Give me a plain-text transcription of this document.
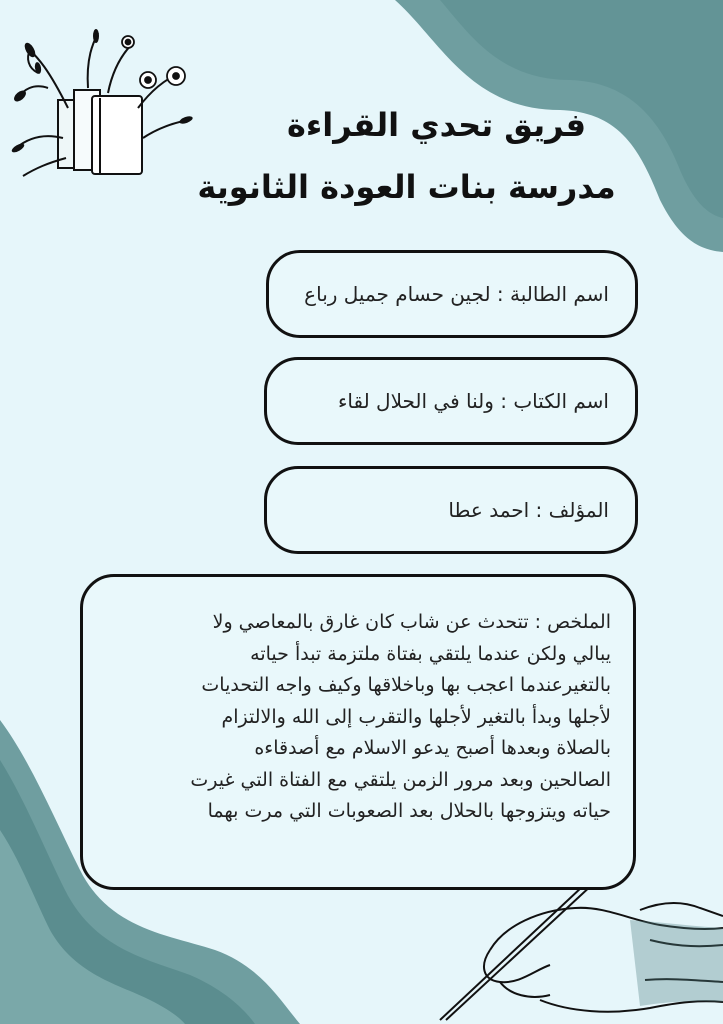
فريق تحدي القراءة
مدرسة بنات العودة الثانوية
اسم الطالبة : لجين حسام جميل رباع
اسم الكتاب : ولنا في الحلال لقاء
المؤلف : احمد عطا
الملخص : تتحدث عن شاب كان غارق بالمعاصي ولا
يبالي ولكن عندما يلتقي بفتاة ملتزمة تبدأ حياته
بالتغيرعندما اعجب بها وباخلاقها وكيف واجه التحديات
لأجلها وبدأ بالتغير لأجلها والتقرب إلى الله والالتزام
بالصلاة وبعدها أصبح يدعو الاسلام مع أصدقاءه
الصالحين وبعد مرور الزمن يلتقي مع الفتاة التي غيرت
حياته ويتزوجها بالحلال بعد الصعوبات التي مرت بهما
